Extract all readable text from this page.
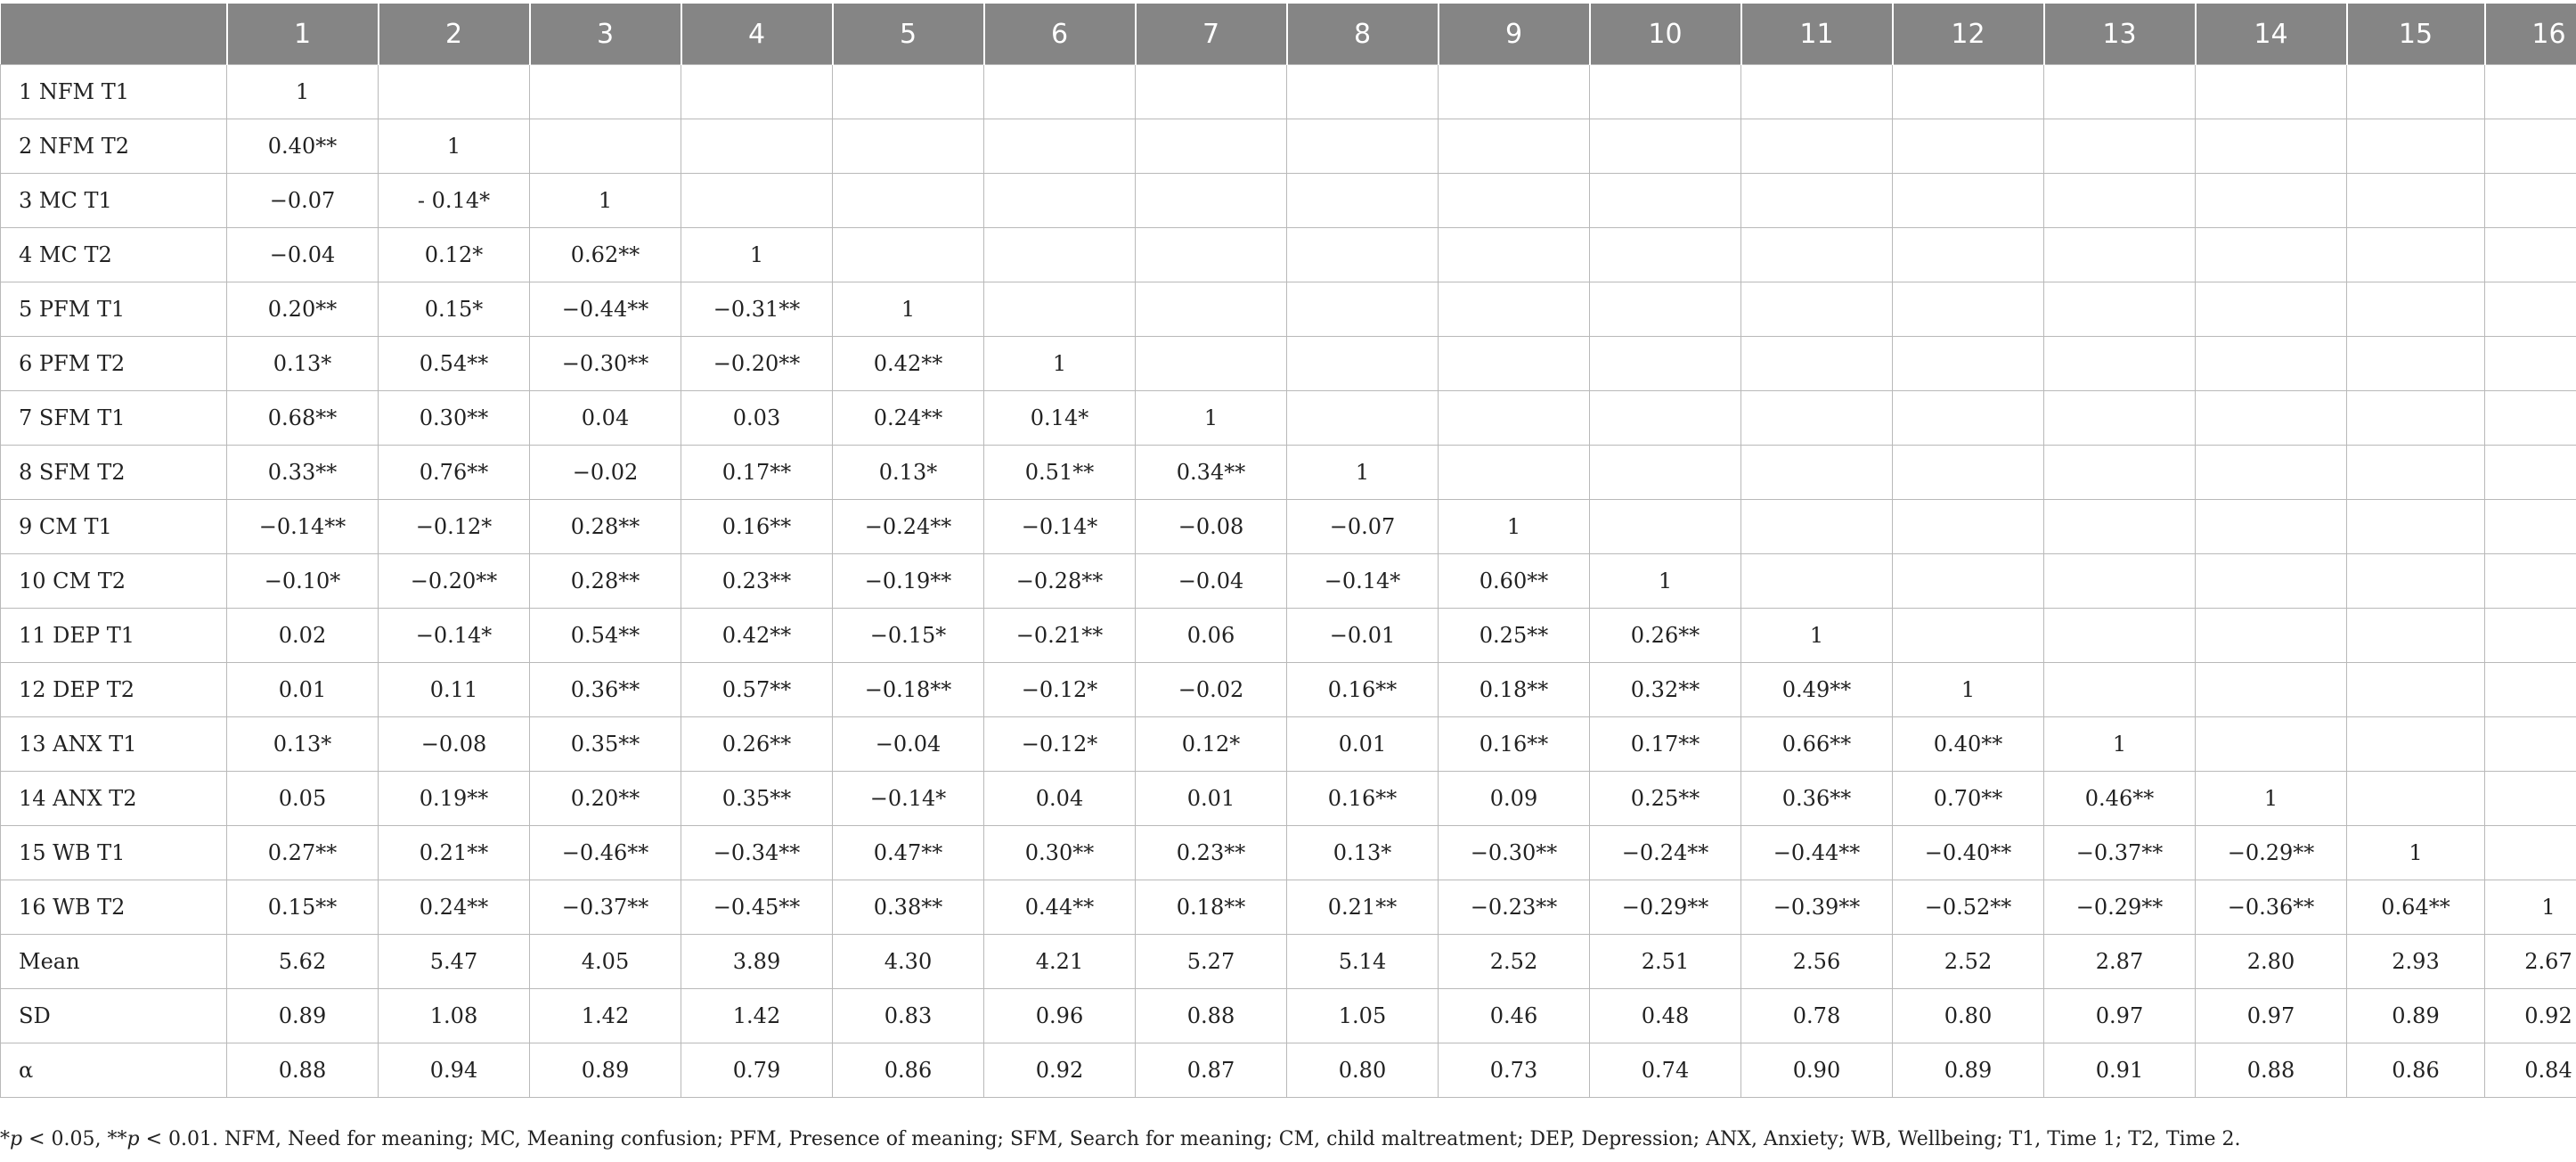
	1	2	3	4	5	6	7	8	9	10	11	12	13	14	15	16
1 NFM T1	1															
2 NFM T2	0.40**	1														
3 MC T1	−0.07	- 0.14*	1													
4 MC T2	−0.04	0.12*	0.62**	1												
5 PFM T1	0.20**	0.15*	−0.44**	−0.31**	1											
6 PFM T2	0.13*	0.54**	−0.30**	−0.20**	0.42**	1										
7 SFM T1	0.68**	0.30**	0.04	0.03	0.24**	0.14*	1									
8 SFM T2	0.33**	0.76**	−0.02	0.17**	0.13*	0.51**	0.34**	1								
9 CM T1	−0.14**	−0.12*	0.28**	0.16**	−0.24**	−0.14*	−0.08	−0.07	1							
10 CM T2	−0.10*	−0.20**	0.28**	0.23**	−0.19**	−0.28**	−0.04	−0.14*	0.60**	1						
11 DEP T1	0.02	−0.14*	0.54**	0.42**	−0.15*	−0.21**	0.06	−0.01	0.25**	0.26**	1					
12 DEP T2	0.01	0.11	0.36**	0.57**	−0.18**	−0.12*	−0.02	0.16**	0.18**	0.32**	0.49**	1				
13 ANX T1	0.13*	−0.08	0.35**	0.26**	−0.04	−0.12*	0.12*	0.01	0.16**	0.17**	0.66**	0.40**	1			
14 ANX T2	0.05	0.19**	0.20**	0.35**	−0.14*	0.04	0.01	0.16**	0.09	0.25**	0.36**	0.70**	0.46**	1		
15 WB T1	0.27**	0.21**	−0.46**	−0.34**	0.47**	0.30**	0.23**	0.13*	−0.30**	−0.24**	−0.44**	−0.40**	−0.37**	−0.29**	1	
16 WB T2	0.15**	0.24**	−0.37**	−0.45**	0.38**	0.44**	0.18**	0.21**	−0.23**	−0.29**	−0.39**	−0.52**	−0.29**	−0.36**	0.64**	1
Mean	5.62	5.47	4.05	3.89	4.30	4.21	5.27	5.14	2.52	2.51	2.56	2.52	2.87	2.80	2.93	2.67
SD	0.89	1.08	1.42	1.42	0.83	0.96	0.88	1.05	0.46	0.48	0.78	0.80	0.97	0.97	0.89	0.92
α	0.88	0.94	0.89	0.79	0.86	0.92	0.87	0.80	0.73	0.74	0.90	0.89	0.91	0.88	0.86	0.84
*p < 0.05, **p < 0.01. NFM, Need for meaning; MC, Meaning confusion; PFM, Presence of meaning; SFM, Search for meaning; CM, child maltreatment; DEP, Depression; ANX, Anxiety; WB, Wellbeing; T1, Time 1; T2, Time 2.
